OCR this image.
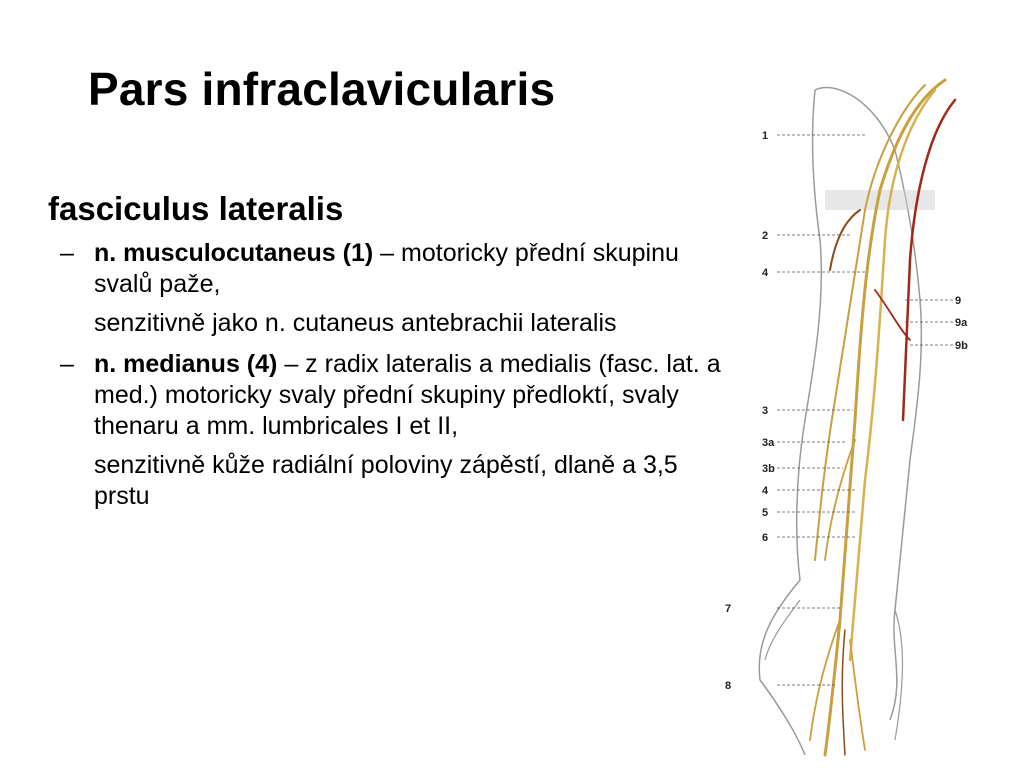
Pars infraclavicularis
fasciculus lateralis
– n. musculocutaneus (1) – motoricky přední skupinu svalů paže,
senzitivně jako n. cutaneus antebrachii lateralis
– n. medianus (4) – z radix lateralis a medialis (fasc. lat. a med.) motoricky svaly přední skupiny předloktí, svaly thenaru a mm. lumbricales I et II,
senzitivně kůže radiální poloviny zápěstí, dlaně a 3,5 prstu
1
2
4
9
9a
9b
3
3a
3b
4
5
6
7
8
